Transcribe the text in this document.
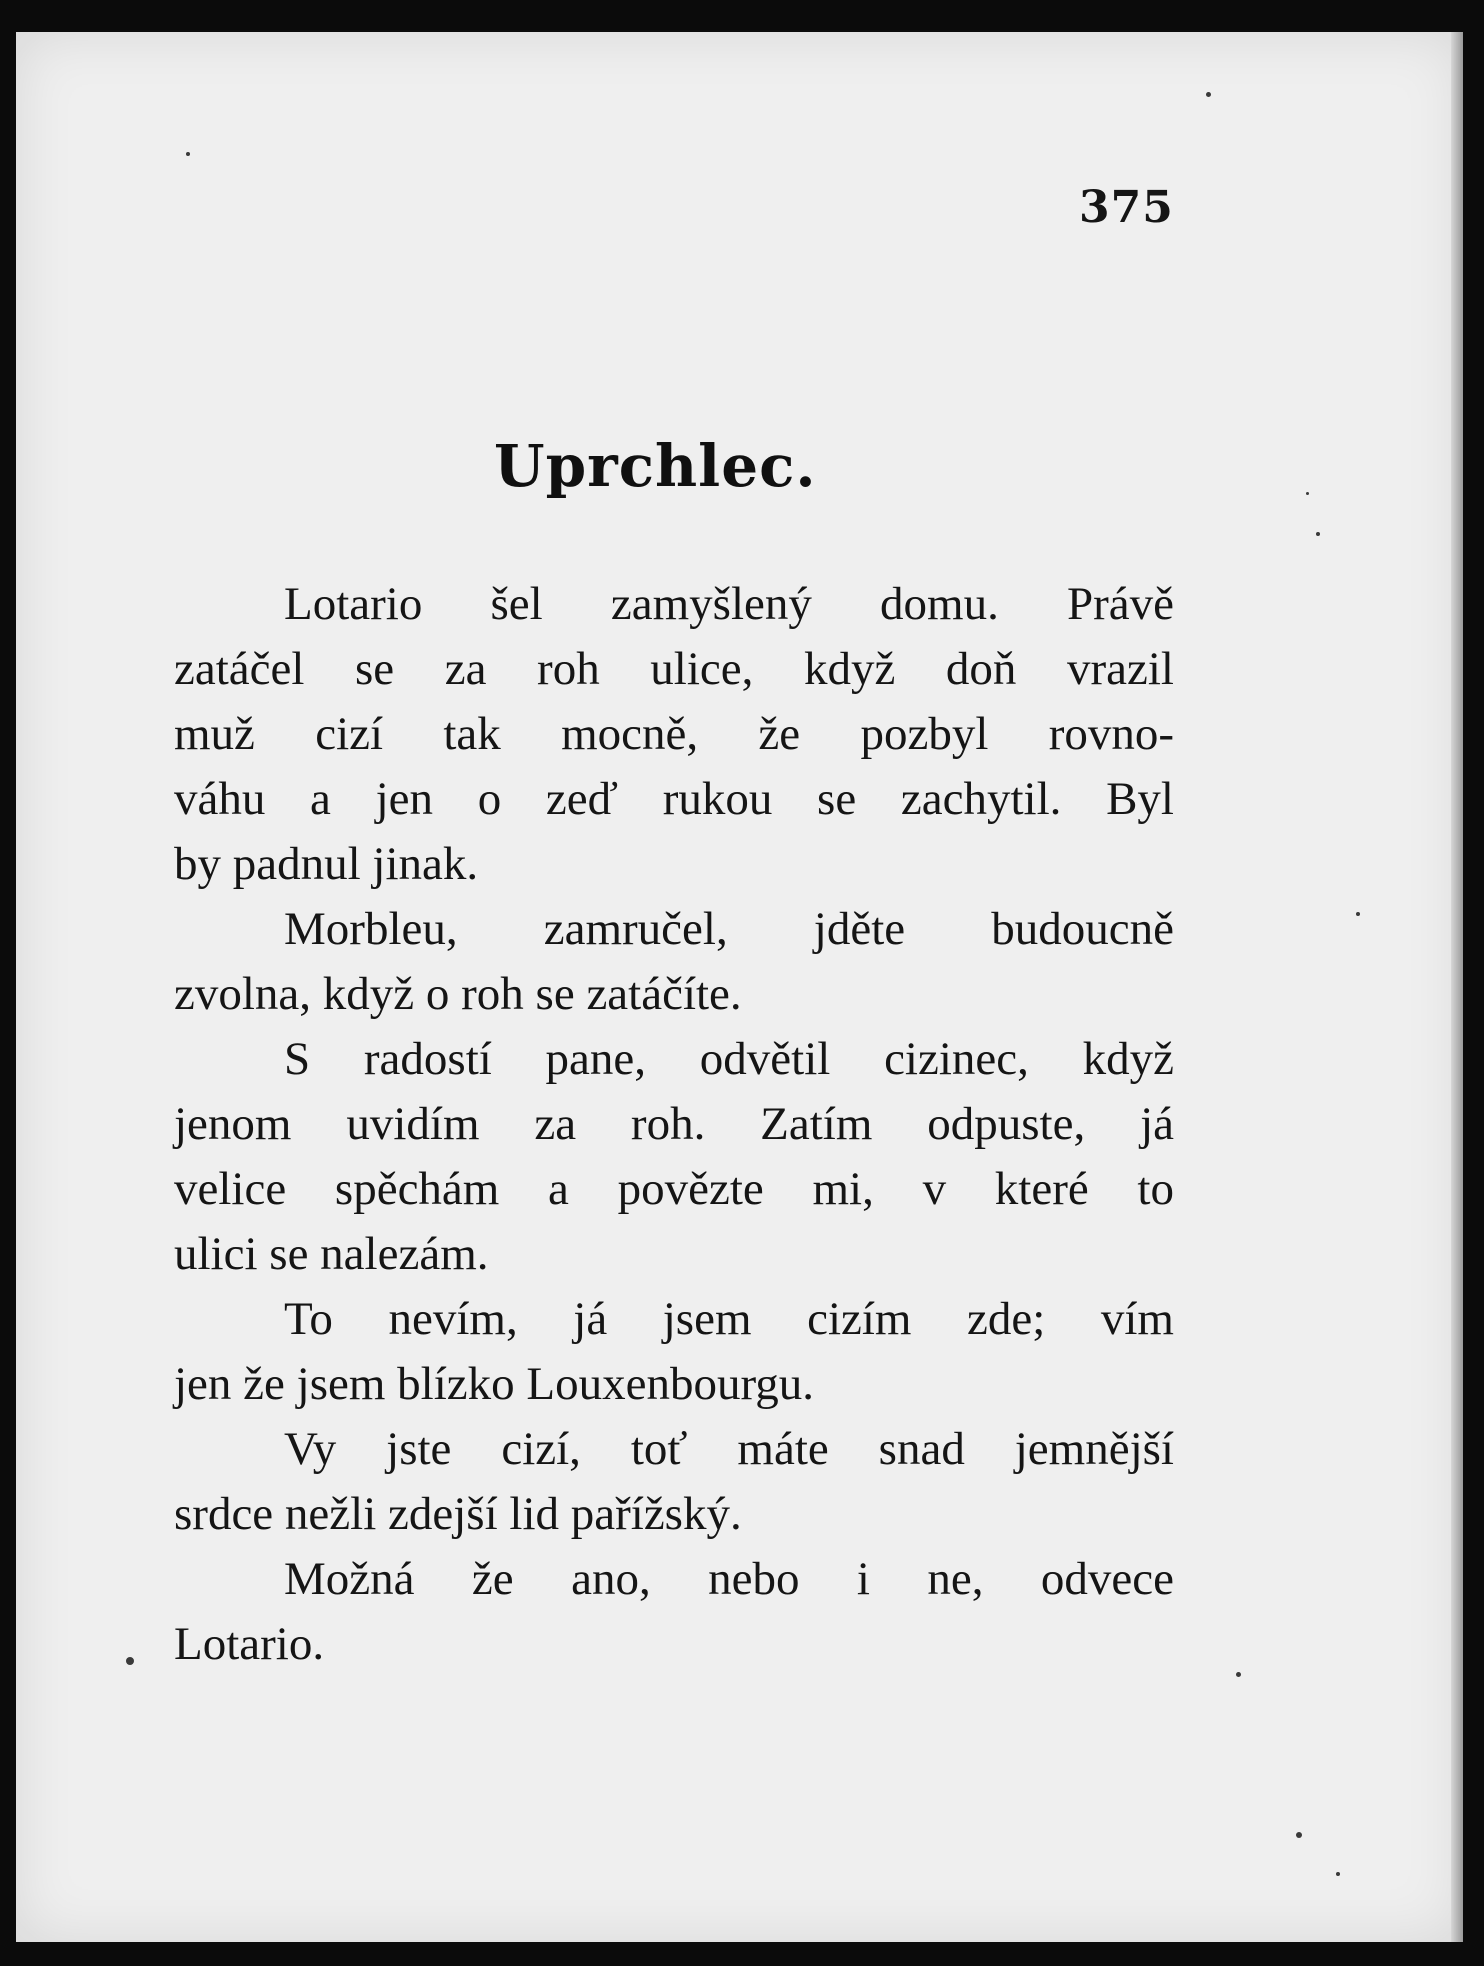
375
Uprchlec.
Lotario šel zamyšlený domu. Právě
zatáčel se za roh ulice, když doň vrazil
muž cizí tak mocně, že pozbyl rovno-
váhu a jen o zeď rukou se zachytil. Byl
by padnul jinak.
Morbleu, zamručel, jděte budoucně
zvolna, když o roh se zatáčíte.
S radostí pane, odvětil cizinec, když
jenom uvidím za roh. Zatím odpuste, já
velice spěchám a povězte mi, v které to
ulici se nalezám.
To nevím, já jsem cizím zde; vím
jen že jsem blízko Louxenbourgu.
Vy jste cizí, toť máte snad jemnější
srdce nežli zdejší lid pařížský.
Možná že ano, nebo i ne, odvece
Lotario.
